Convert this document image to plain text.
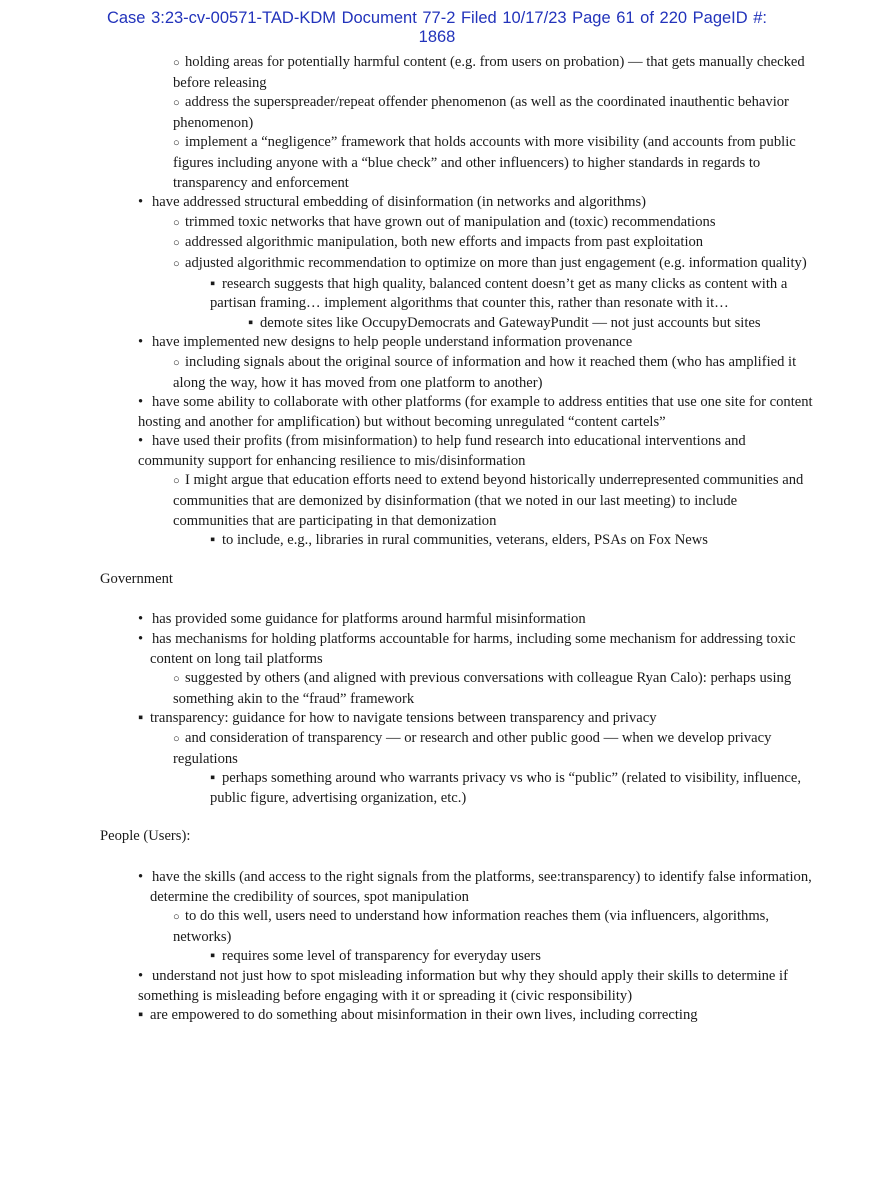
Case 3:23-cv-00571-TAD-KDM Document 77-2 Filed 10/17/23 Page 61 of 220 PageID #:
1868
○ holding areas for potentially harmful content (e.g. from users on probation) — that gets manually checked before releasing
○ address the superspreader/repeat offender phenomenon (as well as the coordinated inauthentic behavior phenomenon)
○ implement a “negligence” framework that holds accounts with more visibility (and accounts from public figures including anyone with a “blue check” and other influencers) to higher standards in regards to transparency and enforcement
• have addressed structural embedding of disinformation (in networks and algorithms)
○ trimmed toxic networks that have grown out of manipulation and (toxic) recommendations
○ addressed algorithmic manipulation, both new efforts and impacts from past exploitation
○ adjusted algorithmic recommendation to optimize on more than just engagement (e.g. information quality)
▪ research suggests that high quality, balanced content doesn’t get as many clicks as content with a partisan framing… implement algorithms that counter this, rather than resonate with it…
▪ demote sites like OccupyDemocrats and GatewayPundit — not just accounts but sites
• have implemented new designs to help people understand information provenance
○ including signals about the original source of information and how it reached them (who has amplified it along the way, how it has moved from one platform to another)
• have some ability to collaborate with other platforms (for example to address entities that use one site for content hosting and another for amplification) but without becoming unregulated “content cartels”
• have used their profits (from misinformation) to help fund research into educational interventions and community support for enhancing resilience to mis/disinformation
○ I might argue that education efforts need to extend beyond historically underrepresented communities and communities that are demonized by disinformation (that we noted in our last meeting) to include communities that are participating in that demonization
▪ to include, e.g., libraries in rural communities, veterans, elders, PSAs on Fox News
Government
• has provided some guidance for platforms around harmful misinformation
• has mechanisms for holding platforms accountable for harms, including some mechanism for addressing toxic content on long tail platforms
○ suggested by others (and aligned with previous conversations with colleague Ryan Calo): perhaps using something akin to the “fraud” framework
▪ transparency: guidance for how to navigate tensions between transparency and privacy
○ and consideration of transparency — or research and other public good — when we develop privacy regulations
▪ perhaps something around who warrants privacy vs who is “public” (related to visibility, influence, public figure, advertising organization, etc.)
People (Users):
• have the skills (and access to the right signals from the platforms, see:transparency) to identify false information, determine the credibility of sources, spot manipulation
○ to do this well, users need to understand how information reaches them (via influencers, algorithms, networks)
▪ requires some level of transparency for everyday users
• understand not just how to spot misleading information but why they should apply their skills to determine if something is misleading before engaging with it or spreading it (civic responsibility)
▪ are empowered to do something about misinformation in their own lives, including correcting
